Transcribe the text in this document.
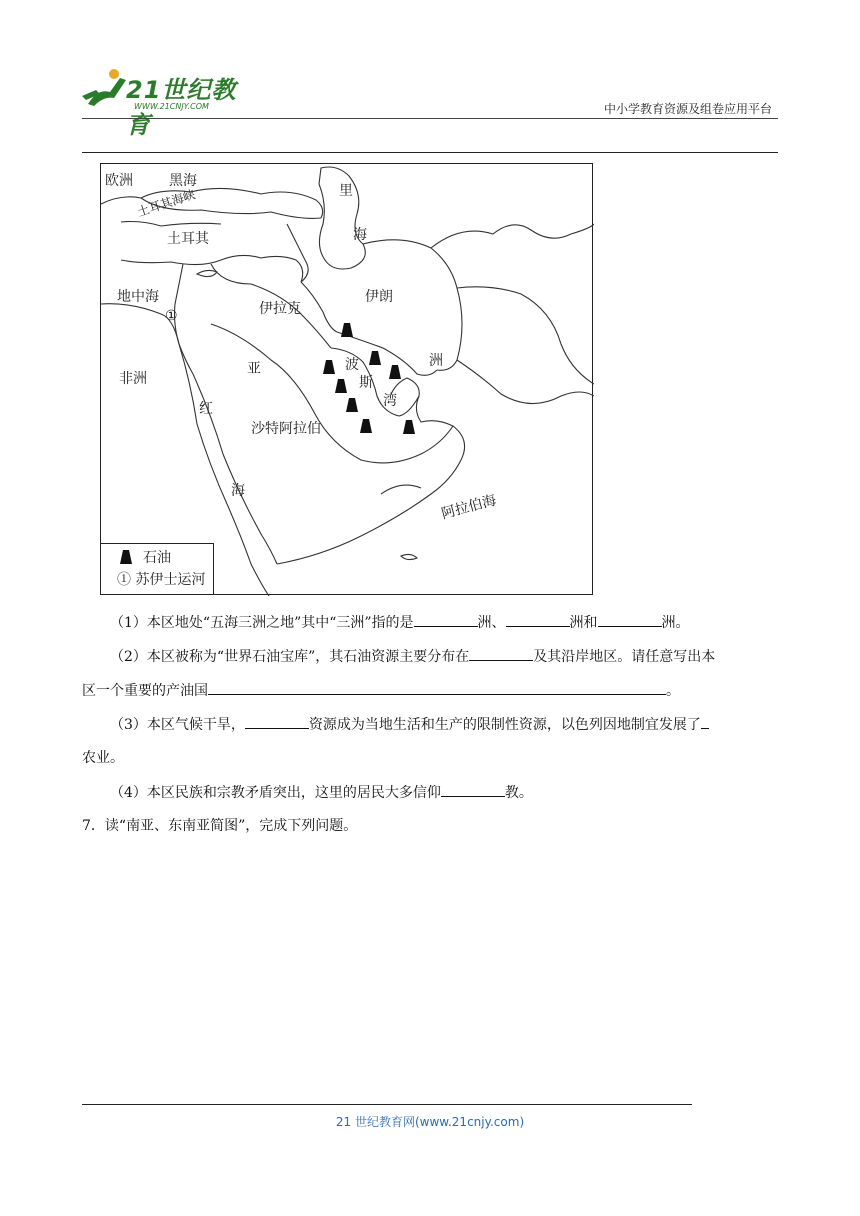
21世纪教育
WWW.21CNJY.COM	中小学教育资源及组卷应用平台
欧洲	黑海
土耳其海峡
土耳其
里
海
伊朗
伊拉克
地中海
①
非洲
亚	波
斯
湾
洲
红
海
沙特阿拉伯
阿拉伯海
石油
① 苏伊士运河
（1）本区地处“五海三洲之地”其中“三洲”指的是	洲、	洲和	洲。
（2）本区被称为“世界石油宝库”，其石油资源主要分布在	及其沿岸地区。请任意写出本
区一个重要的产油国	。
（3）本区气候干旱，	资源成为当地生活和生产的限制性资源，以色列因地制宜发展了
农业。
（4）本区民族和宗教矛盾突出，这里的居民大多信仰	教。
7．读“南亚、东南亚简图”，完成下列问题。
21 世纪教育网(www.21cnjy.com)
